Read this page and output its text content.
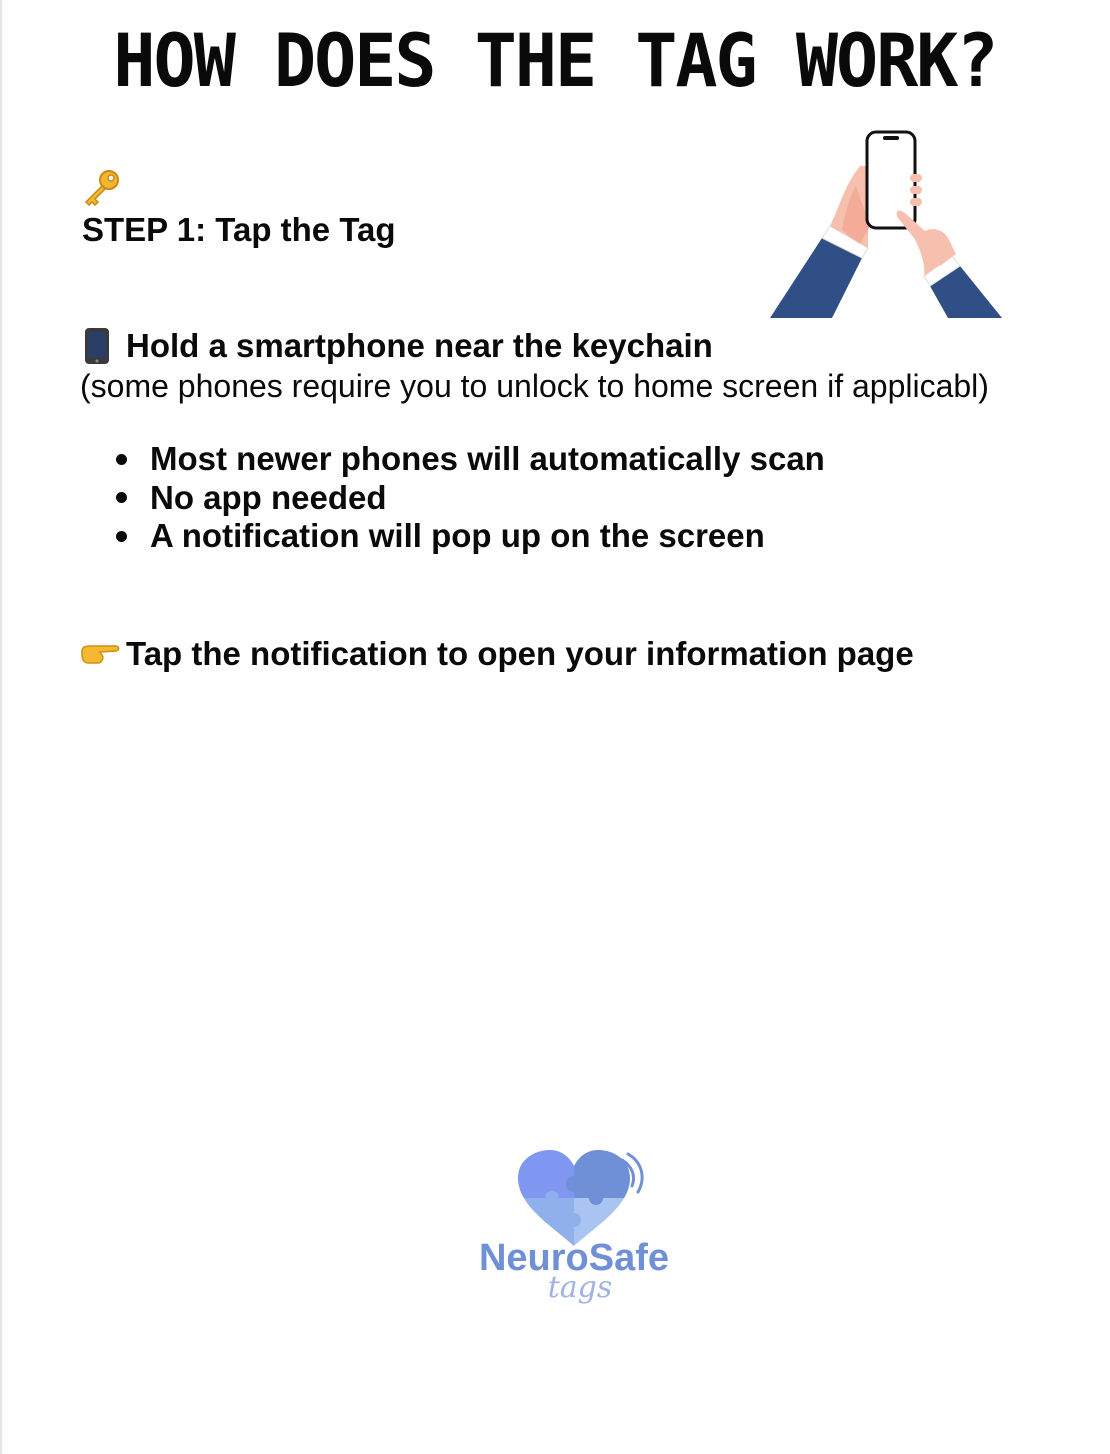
HOW DOES THE TAG WORK?
STEP 1: Tap the Tag
Hold a smartphone near the keychain
(some phones require you to unlock to home screen if applicabl)
Most newer phones will automatically scan
No app needed
A notification will pop up on the screen
Tap the notification to open your information page
NeuroSafe
tags
